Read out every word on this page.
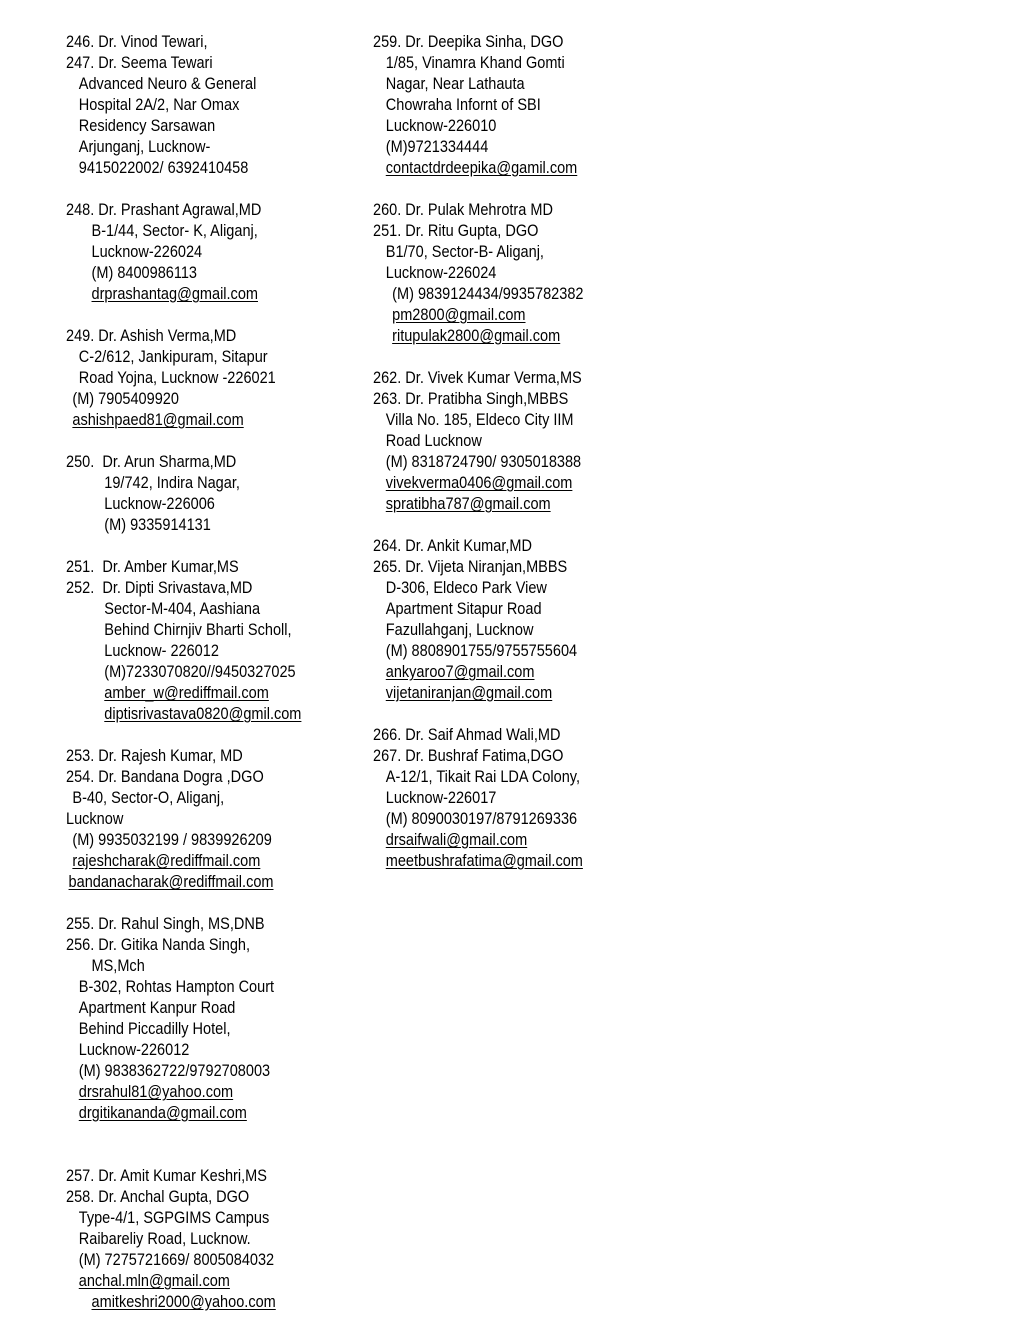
246. Dr. Vinod Tewari,
247. Dr. Seema Tewari
Advanced Neuro & General
Hospital 2A/2, Nar Omax
Residency Sarsawan
Arjunganj, Lucknow-
9415022002/ 6392410458
248. Dr. Prashant Agrawal,MD
B-1/44, Sector- K, Aliganj,
Lucknow-226024
(M) 8400986113
drprashantag@gmail.com
249. Dr. Ashish Verma,MD
C-2/612, Jankipuram, Sitapur
Road Yojna, Lucknow -226021
(M) 7905409920
ashishpaed81@gmail.com
250.  Dr. Arun Sharma,MD
19/742, Indira Nagar,
Lucknow-226006
(M) 9335914131
251.  Dr. Amber Kumar,MS
252.  Dr. Dipti Srivastava,MD
Sector-M-404, Aashiana
Behind Chirnjiv Bharti Scholl,
Lucknow- 226012
(M)7233070820//9450327025
amber_w@rediffmail.com
diptisrivastava0820@gmil.com
253. Dr. Rajesh Kumar, MD
254. Dr. Bandana Dogra ,DGO
B-40, Sector-O, Aliganj,
Lucknow
(M) 9935032199 / 9839926209
rajeshcharak@rediffmail.com
bandanacharak@rediffmail.com
255. Dr. Rahul Singh, MS,DNB
256. Dr. Gitika Nanda Singh,
MS,Mch
B-302, Rohtas Hampton Court
Apartment Kanpur Road
Behind Piccadilly Hotel,
Lucknow-226012
(M) 9838362722/9792708003
drsrahul81@yahoo.com
drgitikananda@gmail.com
257. Dr. Amit Kumar Keshri,MS
258. Dr. Anchal Gupta, DGO
Type-4/1, SGPGIMS Campus
Raibareliy Road, Lucknow.
(M) 7275721669/ 8005084032
anchal.mln@gmail.com
amitkeshri2000@yahoo.com
259. Dr. Deepika Sinha, DGO
1/85, Vinamra Khand Gomti
Nagar, Near Lathauta
Chowraha Infornt of SBI
Lucknow-226010
(M)9721334444
contactdrdeepika@gamil.com
260. Dr. Pulak Mehrotra MD
251. Dr. Ritu Gupta, DGO
B1/70, Sector-B- Aliganj,
Lucknow-226024
(M) 9839124434/9935782382
pm2800@gmail.com
ritupulak2800@gmail.com
262. Dr. Vivek Kumar Verma,MS
263. Dr. Pratibha Singh,MBBS
Villa No. 185, Eldeco City IIM
Road Lucknow
(M) 8318724790/ 9305018388
vivekverma0406@gmail.com
spratibha787@gmail.com
264. Dr. Ankit Kumar,MD
265. Dr. Vijeta Niranjan,MBBS
D-306, Eldeco Park View
Apartment Sitapur Road
Fazullahganj, Lucknow
(M) 8808901755/9755755604
ankyaroo7@gmail.com
vijetaniranjan@gmail.com
266. Dr. Saif Ahmad Wali,MD
267. Dr. Bushraf Fatima,DGO
A-12/1, Tikait Rai LDA Colony,
Lucknow-226017
(M) 8090030197/8791269336
drsaifwali@gmail.com
meetbushrafatima@gmail.com
